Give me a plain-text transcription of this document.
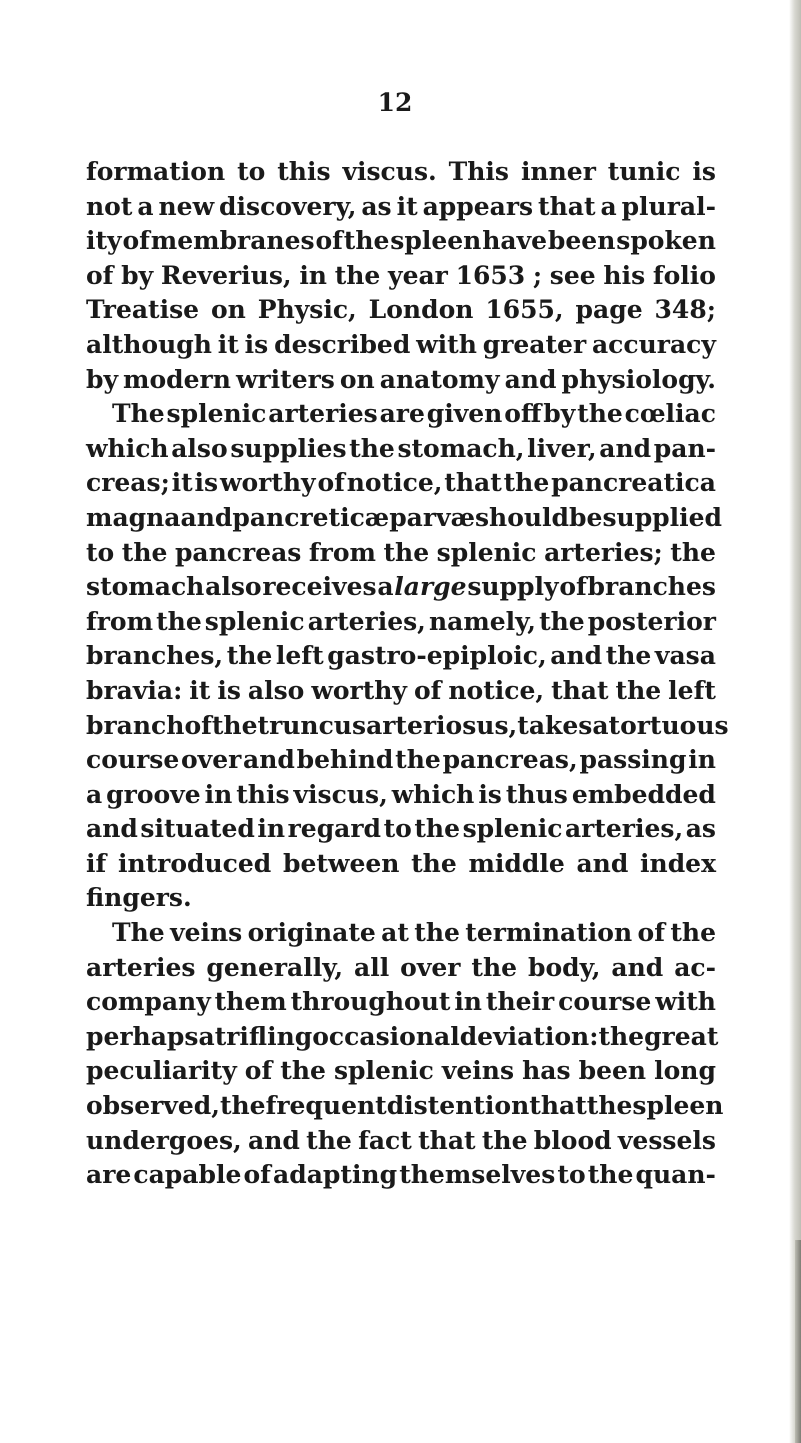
12
formation to this viscus. This inner tunic is
not a new discovery, as it appears that a plural-
ity of membranes of the spleen have been spoken
of by Reverius, in the year 1653 ; see his folio
Treatise on Physic, London 1655, page 348;
although it is described with greater accuracy
by modern writers on anatomy and physiology.
The splenic arteries are given off by the cœliac
which also supplies the stomach, liver, and pan-
creas; it is worthy of notice, that the pancreatica
magna and pancreticæ parvæ should be supplied
to the pancreas from the splenic arteries; the
stomach also receives a large supply of branches
from the splenic arteries, namely, the posterior
branches, the left gastro-epiploic, and the vasa
bravia: it is also worthy of notice, that the left
branch of the truncus arteriosus, takes a tortuous
course over and behind the pancreas, passing in
a groove in this viscus, which is thus embedded
and situated in regard to the splenic arteries, as
if introduced between the middle and index
fingers.
The veins originate at the termination of the
arteries generally, all over the body, and ac-
company them throughout in their course with
perhaps a trifling occasional deviation : the great
peculiarity of the splenic veins has been long
observed, the frequent distention that the spleen
undergoes, and the fact that the blood vessels
are capable of adapting themselves to the quan-
